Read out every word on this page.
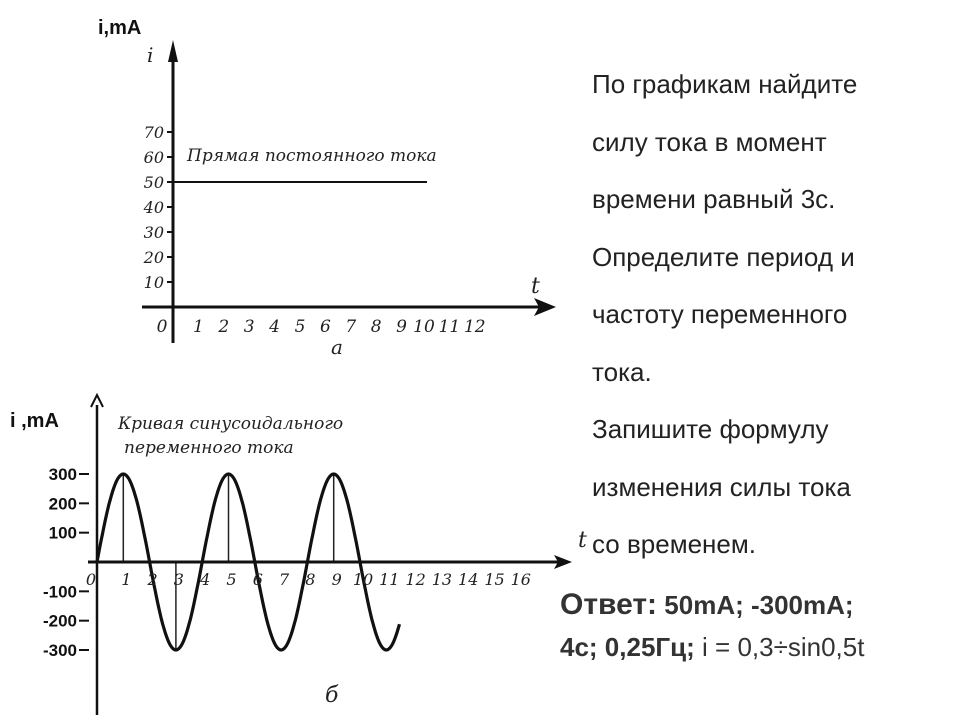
0 1 2 3 4 5 6 7 8 9 10 11 12
10
20
30
40
50
60
70
i
i,mA
t
Прямая постоянного тока
а
0 1 2 3 4 5 6 7 8 9 10 11 12 13 14 15 16
300
200
100
-100
-200
-300
i ,mA
t
Кривая синусоидального
переменного тока
б
По графикам найдите
силу тока в момент
времени равный 3с.
Определите период и
частоту переменного
тока.
Запишите формулу
изменения силы тока
со временем.

Ответ: 50mA; -300mA;

4с; 0,25Гц; i = 0,3÷sin0,5t
